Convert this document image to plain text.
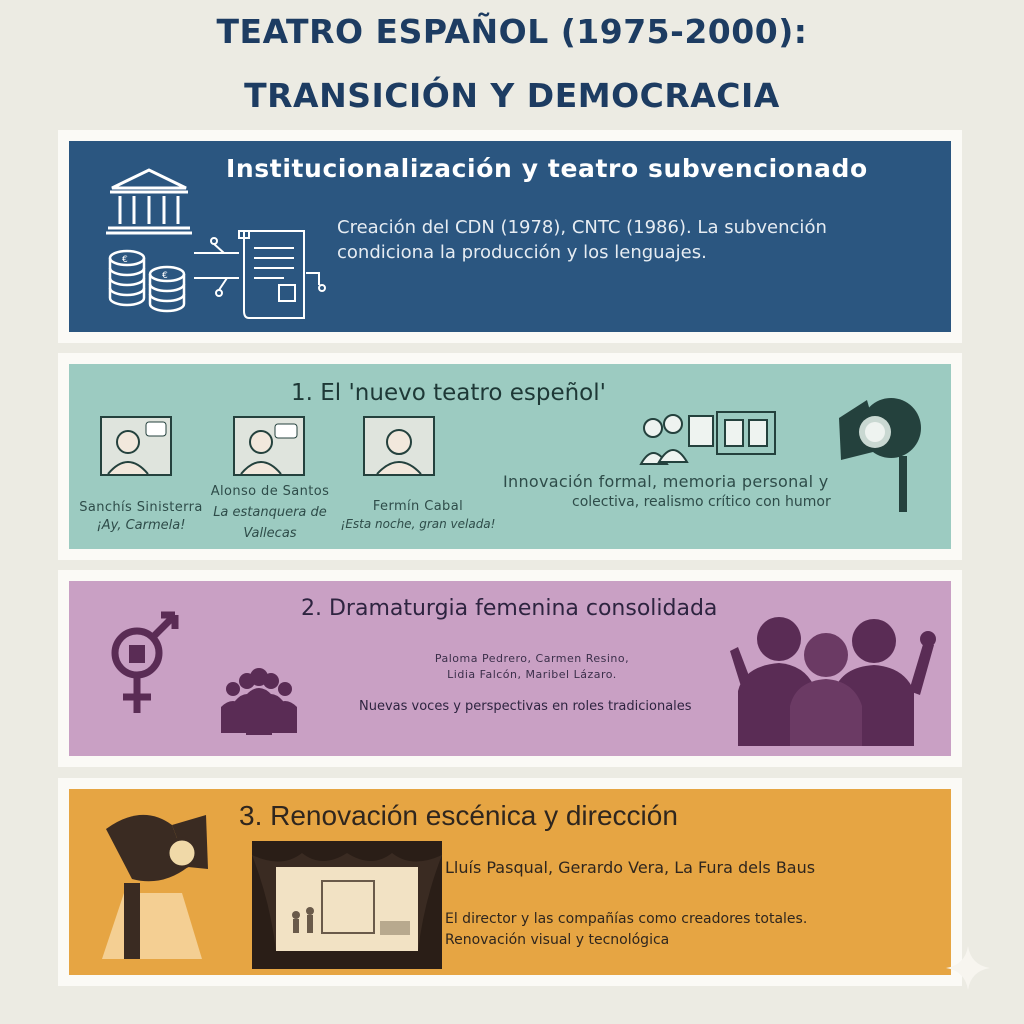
TEATRO ESPAÑOL (1975-2000):
TRANSICIÓN Y DEMOCRACIA
€
€
Institucionalización y teatro subvencionado
Creación del CDN (1978), CNTC (1986). La subvención
condiciona la producción y los lenguajes.
1. El 'nuevo teatro espeñol'
Sanchís Sinisterra
¡Ay, Carmela!
Alonso de Santos
La estanquera de
Vallecas
Fermín Cabal
¡Esta noche, gran velada!
Innovación formal, memoria personal y
colectiva, realismo crítico con humor
2. Dramaturgia femenina consolidada
Paloma Pedrero, Carmen Resino,
Lidia Falcón, Maribel Lázaro.
Nuevas voces y perspectivas en roles tradicionales
3. Renovación escénica y dirección
Lluís Pasqual, Gerardo Vera, La Fura dels Baus
El director y las compañías como creadores totales.
Renovación visual y tecnológica
